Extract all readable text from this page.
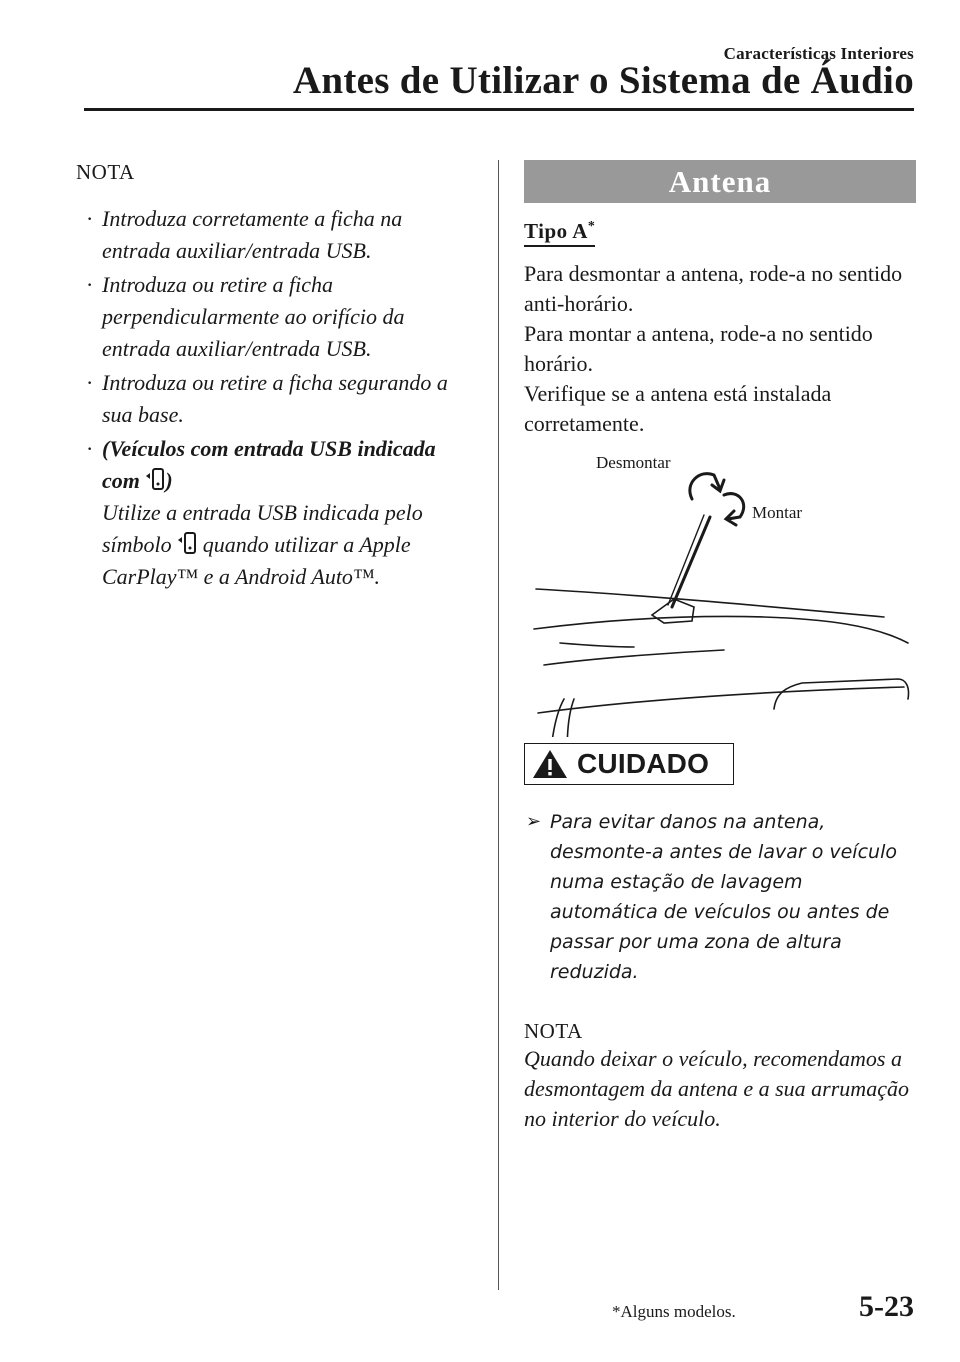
Características Interiores
Antes de Utilizar o Sistema de Áudio
NOTA
· Introduza corretamente a ficha na entrada auxiliar/entrada USB.
· Introduza ou retire a ficha perpendicularmente ao orifício da entrada auxiliar/entrada USB.
· Introduza ou retire a ficha segurando a sua base.
· (Veículos com entrada USB indicada com )
Utilize a entrada USB indicada pelo símbolo  quando utilizar a Apple CarPlay™ e a Android Auto™.
Antena
Tipo A*

Para desmontar a antena, rode-a no sentido anti-horário.

Para montar a antena, rode-a no sentido horário.

Verifique se a antena está instalada corretamente.

Desmontar
Montar
CUIDADO
➢ Para evitar danos na antena, desmonte-a antes de lavar o veículo numa estação de lavagem automática de veículos ou antes de passar por uma zona de altura reduzida.
NOTA
Quando deixar o veículo, recomendamos a desmontagem da antena e a sua arrumação no interior do veículo.
*Alguns modelos.	5-23
